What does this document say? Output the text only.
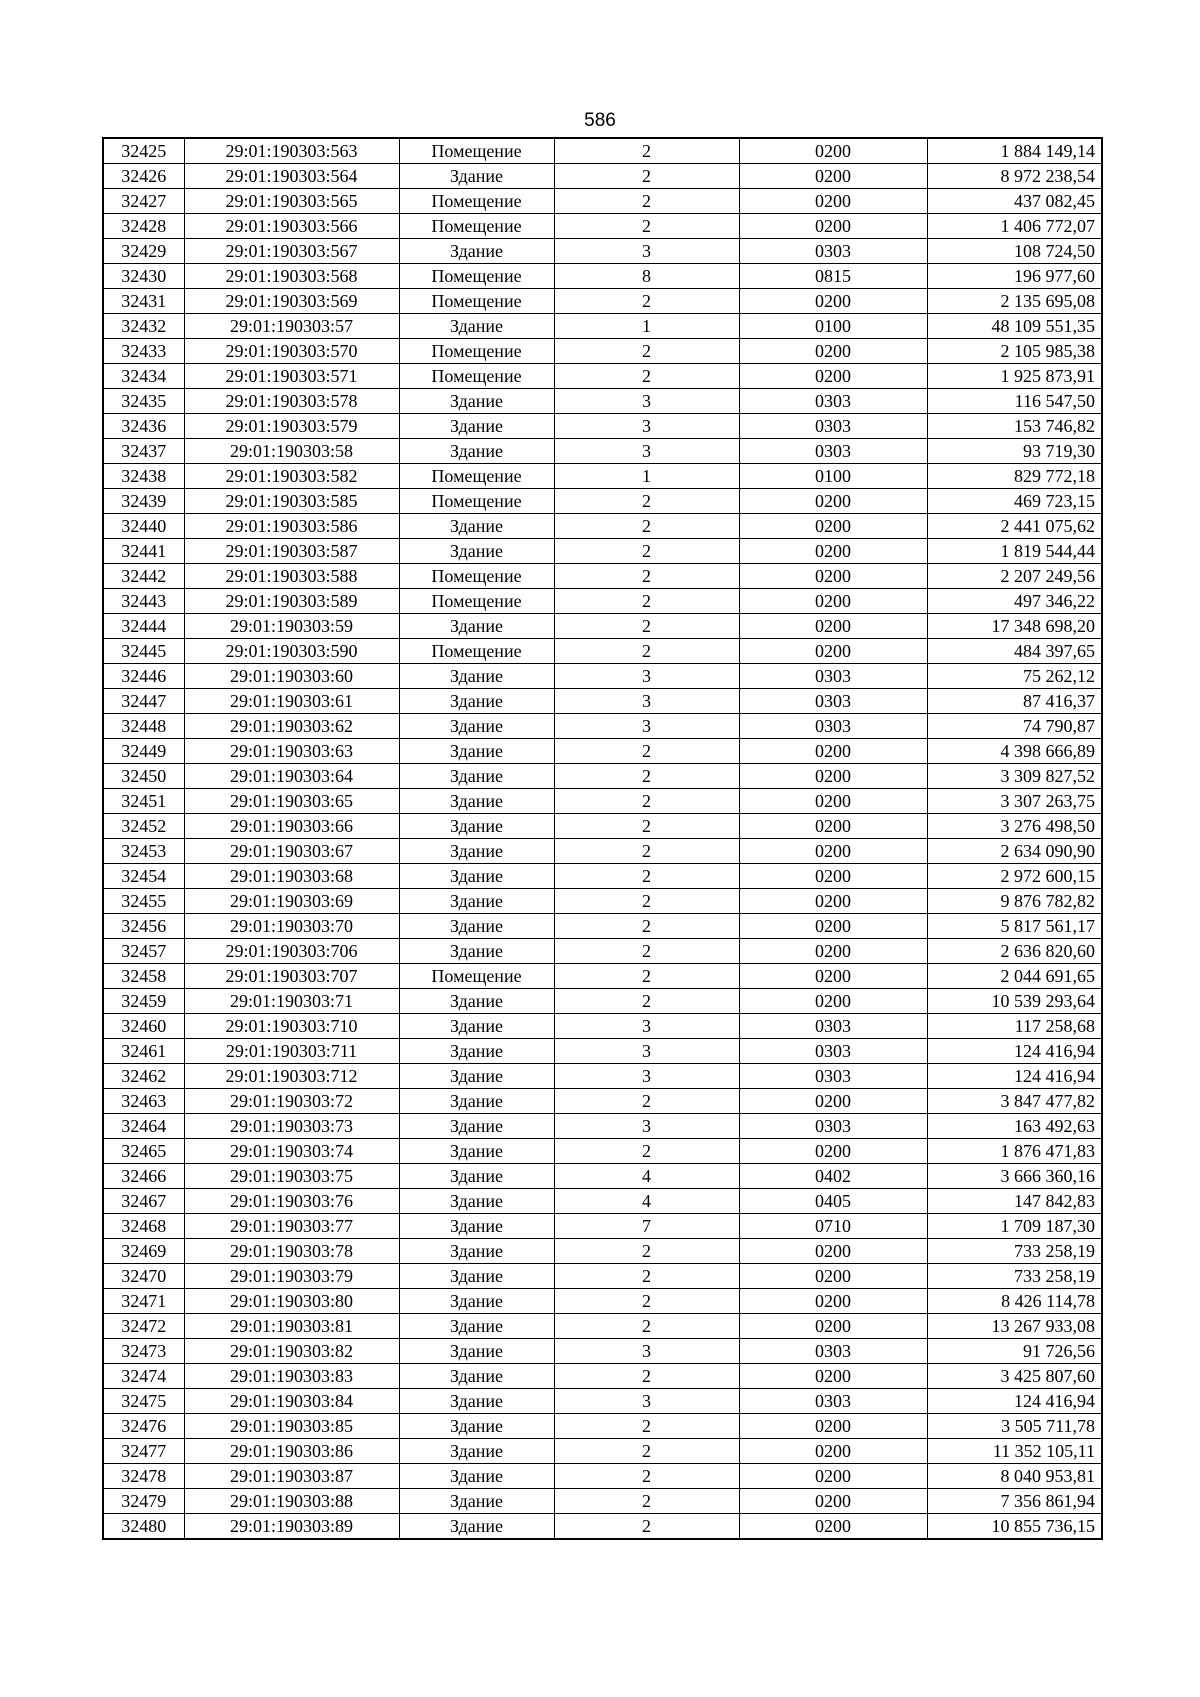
586
32425	29:01:190303:563	Помещение	2	0200	1 884 149,14
32426	29:01:190303:564	Здание	2	0200	8 972 238,54
32427	29:01:190303:565	Помещение	2	0200	437 082,45
32428	29:01:190303:566	Помещение	2	0200	1 406 772,07
32429	29:01:190303:567	Здание	3	0303	108 724,50
32430	29:01:190303:568	Помещение	8	0815	196 977,60
32431	29:01:190303:569	Помещение	2	0200	2 135 695,08
32432	29:01:190303:57	Здание	1	0100	48 109 551,35
32433	29:01:190303:570	Помещение	2	0200	2 105 985,38
32434	29:01:190303:571	Помещение	2	0200	1 925 873,91
32435	29:01:190303:578	Здание	3	0303	116 547,50
32436	29:01:190303:579	Здание	3	0303	153 746,82
32437	29:01:190303:58	Здание	3	0303	93 719,30
32438	29:01:190303:582	Помещение	1	0100	829 772,18
32439	29:01:190303:585	Помещение	2	0200	469 723,15
32440	29:01:190303:586	Здание	2	0200	2 441 075,62
32441	29:01:190303:587	Здание	2	0200	1 819 544,44
32442	29:01:190303:588	Помещение	2	0200	2 207 249,56
32443	29:01:190303:589	Помещение	2	0200	497 346,22
32444	29:01:190303:59	Здание	2	0200	17 348 698,20
32445	29:01:190303:590	Помещение	2	0200	484 397,65
32446	29:01:190303:60	Здание	3	0303	75 262,12
32447	29:01:190303:61	Здание	3	0303	87 416,37
32448	29:01:190303:62	Здание	3	0303	74 790,87
32449	29:01:190303:63	Здание	2	0200	4 398 666,89
32450	29:01:190303:64	Здание	2	0200	3 309 827,52
32451	29:01:190303:65	Здание	2	0200	3 307 263,75
32452	29:01:190303:66	Здание	2	0200	3 276 498,50
32453	29:01:190303:67	Здание	2	0200	2 634 090,90
32454	29:01:190303:68	Здание	2	0200	2 972 600,15
32455	29:01:190303:69	Здание	2	0200	9 876 782,82
32456	29:01:190303:70	Здание	2	0200	5 817 561,17
32457	29:01:190303:706	Здание	2	0200	2 636 820,60
32458	29:01:190303:707	Помещение	2	0200	2 044 691,65
32459	29:01:190303:71	Здание	2	0200	10 539 293,64
32460	29:01:190303:710	Здание	3	0303	117 258,68
32461	29:01:190303:711	Здание	3	0303	124 416,94
32462	29:01:190303:712	Здание	3	0303	124 416,94
32463	29:01:190303:72	Здание	2	0200	3 847 477,82
32464	29:01:190303:73	Здание	3	0303	163 492,63
32465	29:01:190303:74	Здание	2	0200	1 876 471,83
32466	29:01:190303:75	Здание	4	0402	3 666 360,16
32467	29:01:190303:76	Здание	4	0405	147 842,83
32468	29:01:190303:77	Здание	7	0710	1 709 187,30
32469	29:01:190303:78	Здание	2	0200	733 258,19
32470	29:01:190303:79	Здание	2	0200	733 258,19
32471	29:01:190303:80	Здание	2	0200	8 426 114,78
32472	29:01:190303:81	Здание	2	0200	13 267 933,08
32473	29:01:190303:82	Здание	3	0303	91 726,56
32474	29:01:190303:83	Здание	2	0200	3 425 807,60
32475	29:01:190303:84	Здание	3	0303	124 416,94
32476	29:01:190303:85	Здание	2	0200	3 505 711,78
32477	29:01:190303:86	Здание	2	0200	11 352 105,11
32478	29:01:190303:87	Здание	2	0200	8 040 953,81
32479	29:01:190303:88	Здание	2	0200	7 356 861,94
32480	29:01:190303:89	Здание	2	0200	10 855 736,15
